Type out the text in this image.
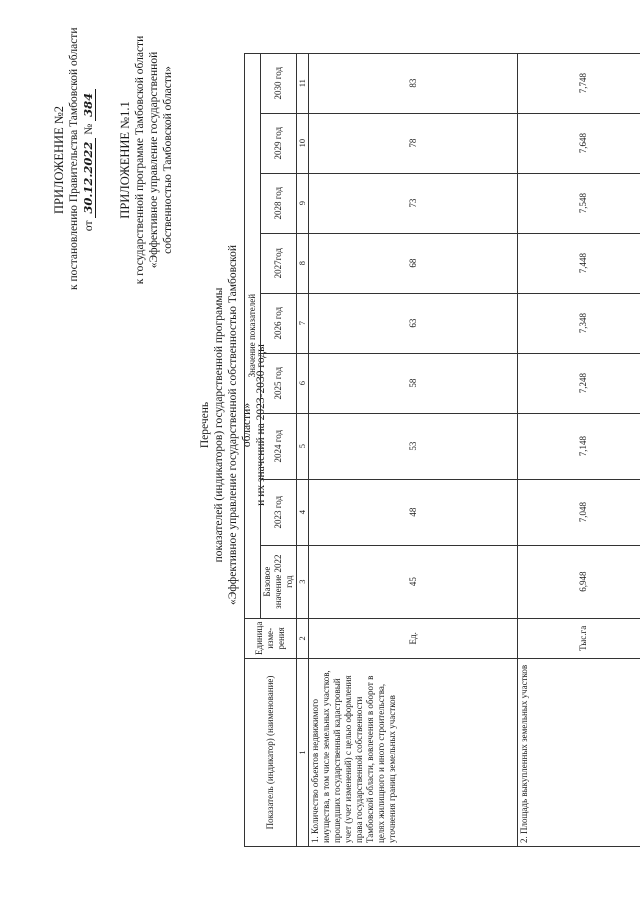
ПРИЛОЖЕНИЕ №2 к постановлению Правительства Тамбовской области от 30.12.2022 № 384 ПРИЛОЖЕНИЕ №1.1 к государственной программе Тамбовской области «Эффективное управление государственной собственностью Тамбовской области»
Перечень показателей (индикаторов) государственной программы «Эффективное управление государственной собственностью Тамбовской области» и их значений на 2023-2030 годы
Показатель (индикатор) (наименование)	Единица изме-рения	Значение показателей								
		Базовое значение 2022 год	2023 год	2024 год	2025 год	2026 год	2027год	2028 год	2029 год	2030 год
1	2	3	4	5	6	7	8	9	10	11
1. Количество объектов недвижимого имущества, в том числе земельных участков, прошедших государственный кадастровый учет (учет изменений) с целью оформления права государственной собственности Тамбовской области, вовлечения в оборот в целях жилищного и иного строительства, уточнения границ земельных участков	Ед.	45	48	53	58	63	68	73	78	83
2. Площадь выкупленных земельных участков	Тыс.га	6,948	7,048	7,148	7,248	7,348	7,448	7,548	7,648	7,748
